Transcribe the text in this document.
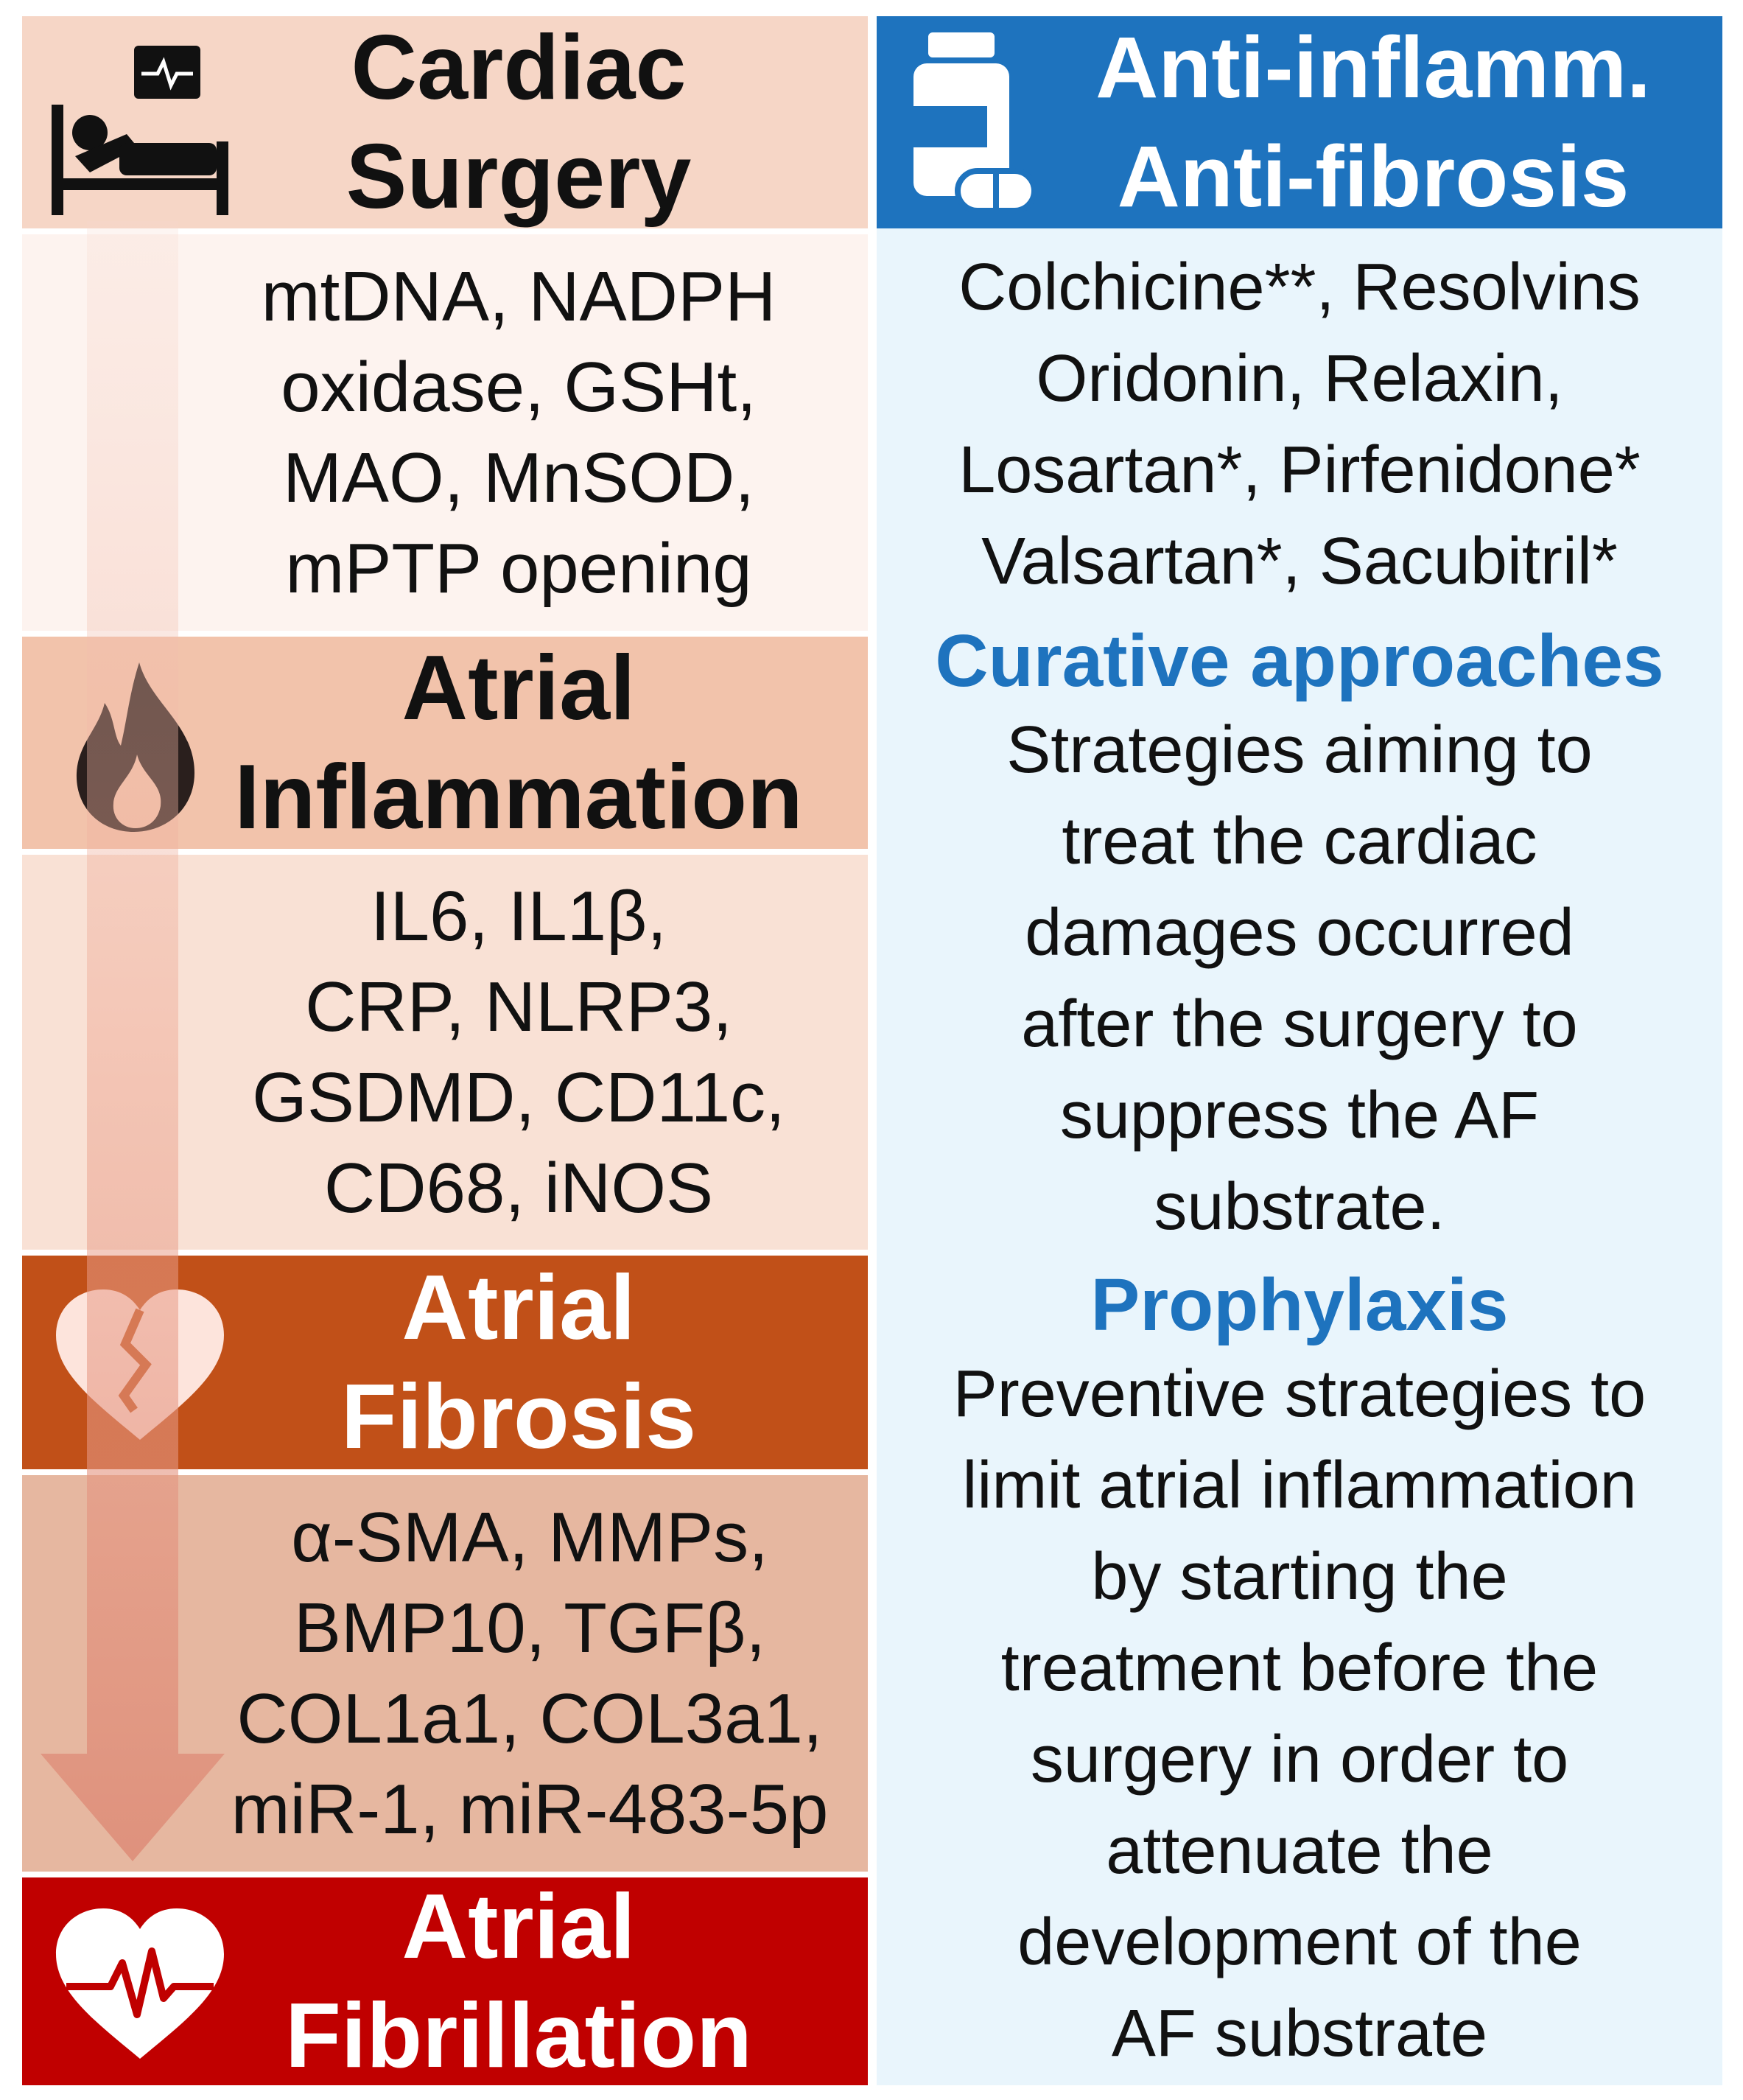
Cardiac
Surgery
mtDNA, NADPH
oxidase, GSHt,
MAO, MnSOD,
mPTP opening
Atrial
Inflammation
IL6, IL1β,
CRP, NLRP3,
GSDMD, CD11c,
CD68, iNOS
Atrial
Fibrosis
α-SMA, MMPs,
BMP10, TGFβ,
COL1a1, COL3a1,
miR-1, miR-483-5p
Atrial
Fibrillation
Anti-inflamm.
Anti-fibrosis
Colchicine**, Resolvins
Oridonin, Relaxin,
Losartan*, Pirfenidone*
Valsartan*, Sacubitril*
Curative approaches
Strategies aiming to
treat the cardiac
damages occurred
after the surgery to
suppress the AF
substrate.
Prophylaxis
Preventive strategies to
limit atrial inflammation
by starting the
treatment before the
surgery in order to
attenuate the
development of the
AF substrate
